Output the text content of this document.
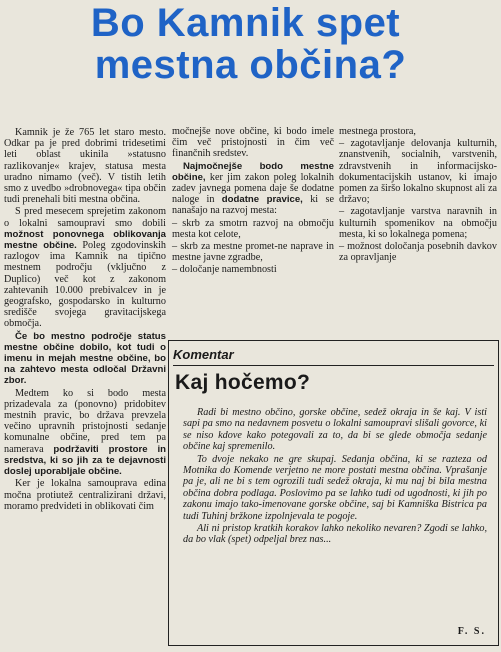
Bo Kamnik spet
mestna občina?

Kamnik je že 765 let staro mesto. Odkar pa je pred dobrimi tridesetimi leti oblast ukinila »statusno razlikovanje« krajev, statusa mesta uradno nimamo (več). V tistih letih smo z uvedbo »drobnovega« tipa občin tudi prenehali biti mestna občina.

S pred mesecem sprejetim zakonom o lokalni samoupravi smo dobili možnost ponovnega oblikovanja mestne občine. Poleg zgodovinskih razlogov ima Kamnik na tipično mestnem področju (vključno z Duplico) več kot z zakonom zahtevanih 10.000 prebivalcev in je geografsko, gospodarsko in kulturno središče svojega gravitacijskega območja.

Če bo mestno področje status mestne občine dobilo, kot tudi o imenu in mejah mestne občine, bo na zahtevo mesta odločal Državni zbor.

Medtem ko si bodo mesta prizadevala za (ponovno) pridobitev mestnih pravic, bo država prevzela večino upravnih pristojnosti sedanje komunalne občine, pred tem pa namerava podržaviti prostore in sredstva, ki so jih za te dejavnosti doslej uporabljale občine.

Ker je lokalna samouprava edina močna protiutež centralizirani državi, moramo predvideti in oblikovati čim

močnejše nove občine, ki bodo imele čim več pristojnosti in čim več finančnih sredstev.

Najmočnejše bodo mestne občine, ker jim zakon poleg lokalnih zadev javnega pomena daje še dodatne naloge in dodatne pravice, ki se nanašajo na razvoj mesta:

– skrb za smotrn razvoj na območju mesta kot celote,

– skrb za mestne promet-ne naprave in mestne javne zgradbe,

– določanje namembnosti

mestnega prostora,

– zagotavljanje delovanja kulturnih, znanstvenih, socialnih, varstvenih, zdravstvenih in informacijsko-dokumentacijskih ustanov, ki imajo pomen za širšo lokalno skupnost ali za državo;

– zagotavljanje varstva naravnih in kulturnih spomenikov na območju mesta, ki so lokalnega pomena;

– možnost določanja posebnih davkov za opravljanje

Komentar
Kaj hočemo?

Radi bi mestno občino, gorske občine, sedež okraja in še kaj. V isti sapi pa smo na nedavnem posvetu o lokalni samoupravi slišali govorce, ki se niso kdove kako potegovali za to, da bi se glede območja sedanje občine kaj spremenilo.

To dvoje nekako ne gre skupaj. Sedanja občina, ki se razteza od Motnika do Komende verjetno ne more postati mestna občina. Vprašanje pa je, ali ne bi s tem ogrozili tudi sedež okraja, ki mu naj bi bila mestna občina dobra podlaga. Poslovimo pa se lahko tudi od ugodnosti, ki jih po zakonu imajo tako-imenovane gorske občine, saj bi Kamniška Bistrica pa tudi Tuhinj bržkone izpolnjevala te pogoje.

Ali ni pristop kratkih korakov lahko nekoliko nevaren? Zgodi se lahko, da bo vlak (spet) odpeljal brez nas...

F. S.
